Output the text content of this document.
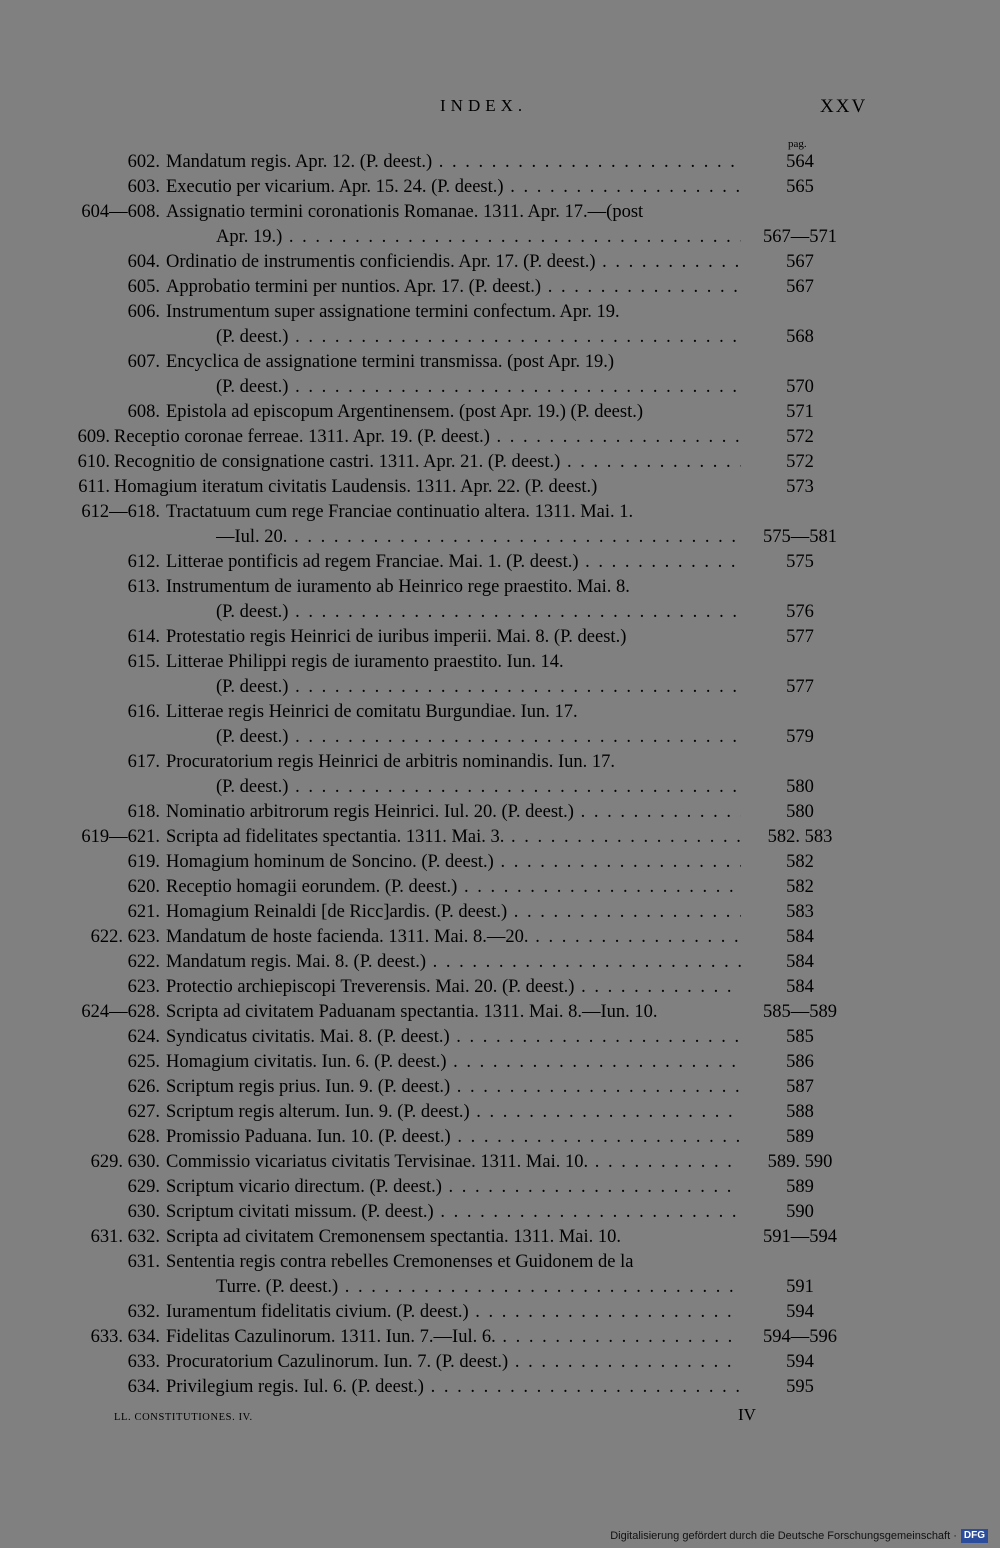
INDEX.	XXV
pag.
602. Mandatum regis. Apr. 12. (P. deest.) . . .	564
603. Executio per vicarium. Apr. 15. 24. (P. deest.) . . .	565
604—608. Assignatio termini coronationis Romanae. 1311. Apr. 17.—(post
Apr. 19.) . . .	567—571
604. Ordinatio de instrumentis conficiendis. Apr. 17. (P. deest.) . . .	567
605. Approbatio termini per nuntios. Apr. 17. (P. deest.) . . .	567
606. Instrumentum super assignatione termini confectum. Apr. 19.
(P. deest.) . . .	568
607. Encyclica de assignatione termini transmissa. (post Apr. 19.)
(P. deest.) . . .	570
608. Epistola ad episcopum Argentinensem. (post Apr. 19.) (P. deest.)	571
609. Receptio coronae ferreae. 1311. Apr. 19. (P. deest.) . . .	572
610. Recognitio de consignatione castri. 1311. Apr. 21. (P. deest.) . . .	572
611. Homagium iteratum civitatis Laudensis. 1311. Apr. 22. (P. deest.)	573
612—618. Tractatuum cum rege Franciae continuatio altera. 1311. Mai. 1.
—Iul. 20. . . .	575—581
612. Litterae pontificis ad regem Franciae. Mai. 1. (P. deest.) . . .	575
613. Instrumentum de iuramento ab Heinrico rege praestito. Mai. 8.
(P. deest.) . . .	576
614. Protestatio regis Heinrici de iuribus imperii. Mai. 8. (P. deest.)	577
615. Litterae Philippi regis de iuramento praestito. Iun. 14.
(P. deest.) . . .	577
616. Litterae regis Heinrici de comitatu Burgundiae. Iun. 17.
(P. deest.) . . .	579
617. Procuratorium regis Heinrici de arbitris nominandis. Iun. 17.
(P. deest.) . . .	580
618. Nominatio arbitrorum regis Heinrici. Iul. 20. (P. deest.) . . .	580
619—621. Scripta ad fidelitates spectantia. 1311. Mai. 3. . . .	582. 583
619. Homagium hominum de Soncino. (P. deest.) . . .	582
620. Receptio homagii eorundem. (P. deest.) . . .	582
621. Homagium Reinaldi [de Ricc]ardis. (P. deest.) . . .	583
622. 623. Mandatum de hoste facienda. 1311. Mai. 8.—20. . . .	584
622. Mandatum regis. Mai. 8. (P. deest.) . . .	584
623. Protectio archiepiscopi Treverensis. Mai. 20. (P. deest.) . . .	584
624—628. Scripta ad civitatem Paduanam spectantia. 1311. Mai. 8.—Iun. 10.	585—589
624. Syndicatus civitatis. Mai. 8. (P. deest.) . . .	585
625. Homagium civitatis. Iun. 6. (P. deest.) . . .	586
626. Scriptum regis prius. Iun. 9. (P. deest.) . . .	587
627. Scriptum regis alterum. Iun. 9. (P. deest.) . . .	588
628. Promissio Paduana. Iun. 10. (P. deest.) . . .	589
629. 630. Commissio vicariatus civitatis Tervisinae. 1311. Mai. 10. . . .	589. 590
629. Scriptum vicario directum. (P. deest.) . . .	589
630. Scriptum civitati missum. (P. deest.) . . .	590
631. 632. Scripta ad civitatem Cremonensem spectantia. 1311. Mai. 10.	591—594
631. Sententia regis contra rebelles Cremonenses et Guidonem de la
Turre. (P. deest.) . . .	591
632. Iuramentum fidelitatis civium. (P. deest.) . . .	594
633. 634. Fidelitas Cazulinorum. 1311. Iun. 7.—Iul. 6. . . .	594—596
633. Procuratorium Cazulinorum. Iun. 7. (P. deest.) . . .	594
634. Privilegium regis. Iul. 6. (P. deest.) . . .	595
LL. CONSTITUTIONES. IV.	IV
Digitalisierung gefördert durch die Deutsche Forschungsgemeinschaft · DFG
